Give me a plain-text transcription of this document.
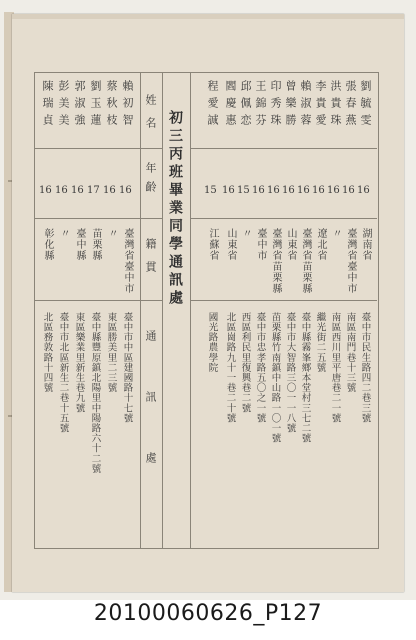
初三丙班畢業同學通訊處
姓名
年齡
籍貫
通訊處
劉毓雯
16
湖南省
臺中市民生路四二巷三號
張春燕
16
臺灣省臺中市
南區南門巷十三號
洪貴珠
16
〃
南區西川里平唐巷二一號
李貴愛
16
遼北省
繼光街二五號
賴淑蓉
16
臺灣省苗栗縣
臺中縣霧峯鄉本堂村三七二號
曾樂勝
16
山東省
臺中市大智路三〇一一八號
印秀珠
16
臺灣省苗栗縣
苗栗縣竹南鎮中山路一〇一號
王錦芬
16
臺中市
臺中市忠孝路五〇之一號
邱佩恋
15
〃
西區利民里復興巷二號
閻慶惠
16
山東省
北區崗路九十一巷二十號
程愛誠
15
江蘇省
國光路農學院
賴初智
16
臺灣省臺中市
臺中市中區建國路十七號
蔡秋枝
16
〃
東區勝美里二三號
劉玉蓮
17
苗栗縣
臺中縣豐原鎮北陽里中陽路六十二號
郭淑強
16
臺中縣
東區樂業里新生巷九號
彭美美
16
〃
臺中市北區新生二巷十五號
陳瑞貞
16
彰化縣
北區務敦路十四號
20100060626_P127
